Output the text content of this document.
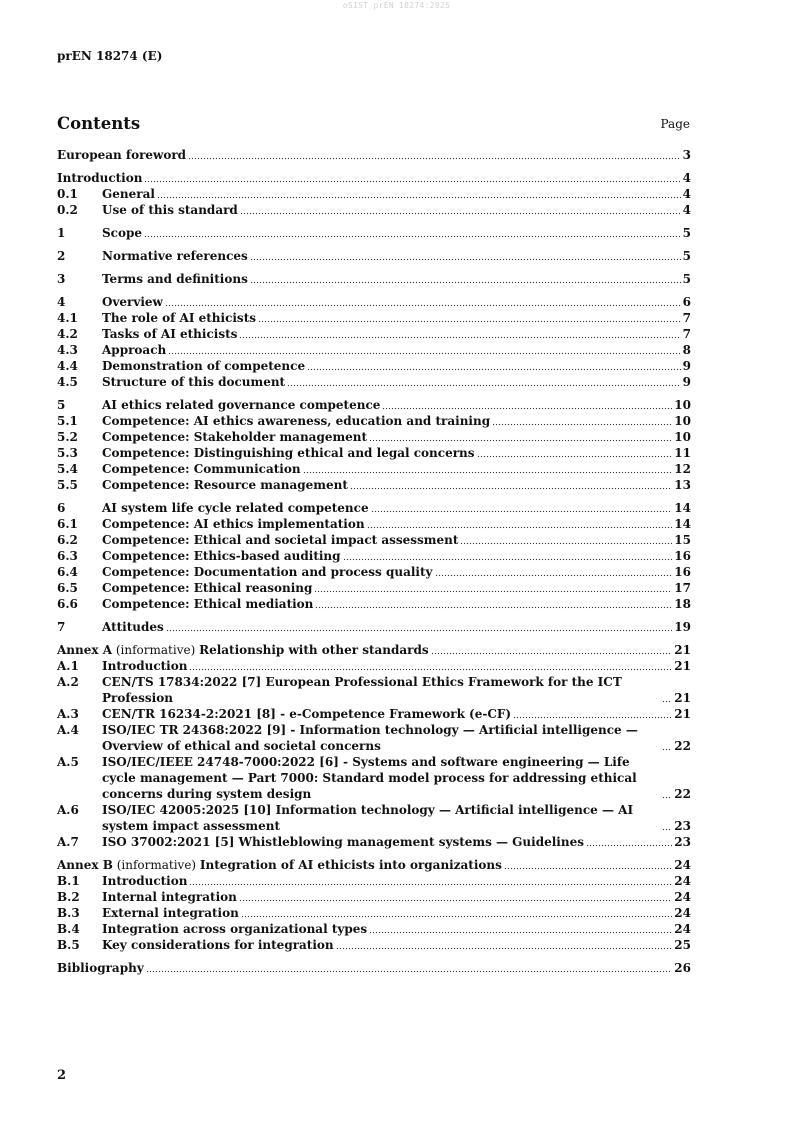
oSIST prEN 18274:2025
prEN 18274 (E)
Contents	Page
European foreword	3
Introduction	4
0.1 General	4
0.2 Use of this standard	4
1	Scope	5
2	Normative references	5
3	Terms and definitions	5
4	Overview	6
4.1 The role of AI ethicists	7
4.2 Tasks of AI ethicists	7
4.3 Approach	8
4.4 Demonstration of competence	9
4.5 Structure of this document	9
5	AI ethics related governance competence	10
5.1 Competence: AI ethics awareness, education and training	10
5.2 Competence: Stakeholder management	10
5.3 Competence: Distinguishing ethical and legal concerns	11
5.4 Competence: Communication	12
5.5 Competence: Resource management	13
6	AI system life cycle related competence	14
6.1 Competence: AI ethics implementation	14
6.2 Competence: Ethical and societal impact assessment	15
6.3 Competence: Ethics-based auditing	16
6.4 Competence: Documentation and process quality	16
6.5 Competence: Ethical reasoning	17
6.6 Competence: Ethical mediation	18
7	Attitudes	19
Annex A (informative) Relationship with other standards	21
A.1 Introduction	21
A.2 CEN/TS 17834:2022 [7] European Professional Ethics Framework for the ICT Profession	21
A.3 CEN/TR 16234-2:2021 [8] - e-Competence Framework (e-CF)	21
A.4 ISO/IEC TR 24368:2022 [9] - Information technology — Artificial intelligence — Overview of ethical and societal concerns	22
A.5 ISO/IEC/IEEE 24748-7000:2022 [6] - Systems and software engineering — Life cycle management — Part 7000: Standard model process for addressing ethical concerns during system design	22
A.6 ISO/IEC 42005:2025 [10] Information technology — Artificial intelligence — AI system impact assessment	23
A.7 ISO 37002:2021 [5] Whistleblowing management systems — Guidelines	23
Annex B (informative) Integration of AI ethicists into organizations	24
B.1 Introduction	24
B.2 Internal integration	24
B.3 External integration	24
B.4 Integration across organizational types	24
B.5 Key considerations for integration	25
Bibliography	26
2
